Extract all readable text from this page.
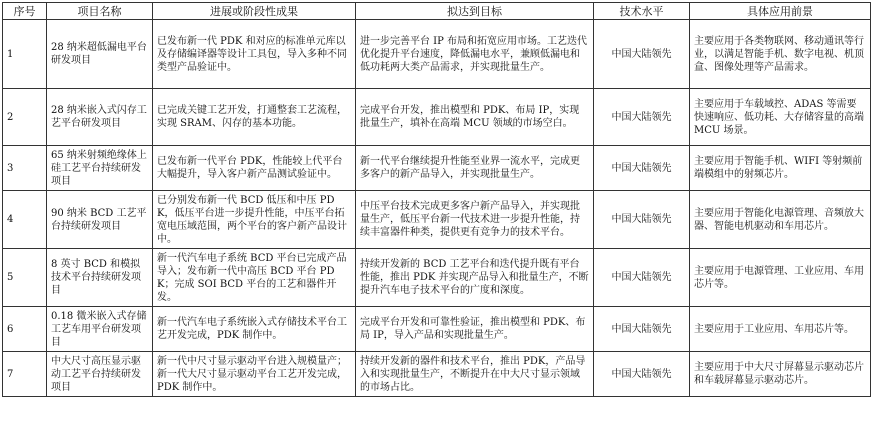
序号	项目名称	进展或阶段性成果	拟达到目标	技术水平	具体应用前景
1	28 纳米超低漏电平台研发项目	已发布新一代 PDK 和对应的标准单元库以及存储编译器等设计工具包，导入多种不同类型产品验证中。	进一步完善平台 IP 布局和拓宽应用市场。工艺迭代优化提升平台速度，降低漏电水平，兼顾低漏电和低功耗两大类产品需求，并实现批量生产。	中国大陆领先	主要应用于各类物联网、移动通讯等行业，以满足智能手机、数字电视、机顶盒、图像处理等产品需求。
2	28 纳米嵌入式闪存工艺平台研发项目	已完成关键工艺开发，打通整套工艺流程，实现 SRAM、闪存的基本功能。	完成平台开发，推出模型和 PDK、布局 IP，实现批量生产，填补在高端 MCU 领域的市场空白。	中国大陆领先	主要应用于车载域控、ADAS 等需要快速响应、低功耗、大存储容量的高端 MCU 场景。
3	65 纳米射频绝缘体上硅工艺平台持续研发项目	已发布新一代平台 PDK，性能较上代平台大幅提升，导入客户新产品测试验证中。	新一代平台继续提升性能至业界一流水平，完成更多客户的新产品导入，并实现批量生产。	中国大陆领先	主要应用于智能手机、WIFI 等射频前端模组中的射频芯片。
4	90 纳米 BCD 工艺平台持续研发项目	已分别发布新一代 BCD 低压和中压 PDK，低压平台进一步提升性能，中压平台拓宽电压域范围，两个平台的客户新产品设计中。	中压平台技术完成更多客户新产品导入，并实现批量生产，低压平台新一代技术进一步提升性能，持续丰富器件种类，提供更有竞争力的技术平台。	中国大陆领先	主要应用于智能化电源管理、音频放大器、智能电机驱动和车用芯片。
5	8 英寸 BCD 和模拟技术平台持续研发项目	新一代汽车电子系统 BCD 平台已完成产品导入；发布新一代中高压 BCD 平台 PDK；完成 SOI BCD 平台的工艺和器件开发。	持续开发新的 BCD 工艺平台和迭代提升既有平台性能，推出 PDK 并实现产品导入和批量生产，不断提升汽车电子技术平台的广度和深度。	中国大陆领先	主要应用于电源管理、工业应用、车用芯片等。
6	0.18 微米嵌入式存储工艺车用平台研发项目	新一代汽车电子系统嵌入式存储技术平台工艺开发完成，PDK 制作中。	完成平台开发和可靠性验证，推出模型和 PDK、布局 IP，导入产品和实现批量生产。	中国大陆领先	主要应用于工业应用、车用芯片等。
7	中大尺寸高压显示驱动工艺平台持续研发项目	新一代中尺寸显示驱动平台进入规模量产；新一代大尺寸显示驱动平台工艺开发完成，PDK 制作中。	持续开发新的器件和技术平台，推出 PDK，产品导入和实现批量生产，不断提升在中大尺寸显示领域的市场占比。	中国大陆领先	主要应用于中大尺寸屏幕显示驱动芯片和车载屏幕显示驱动芯片。
